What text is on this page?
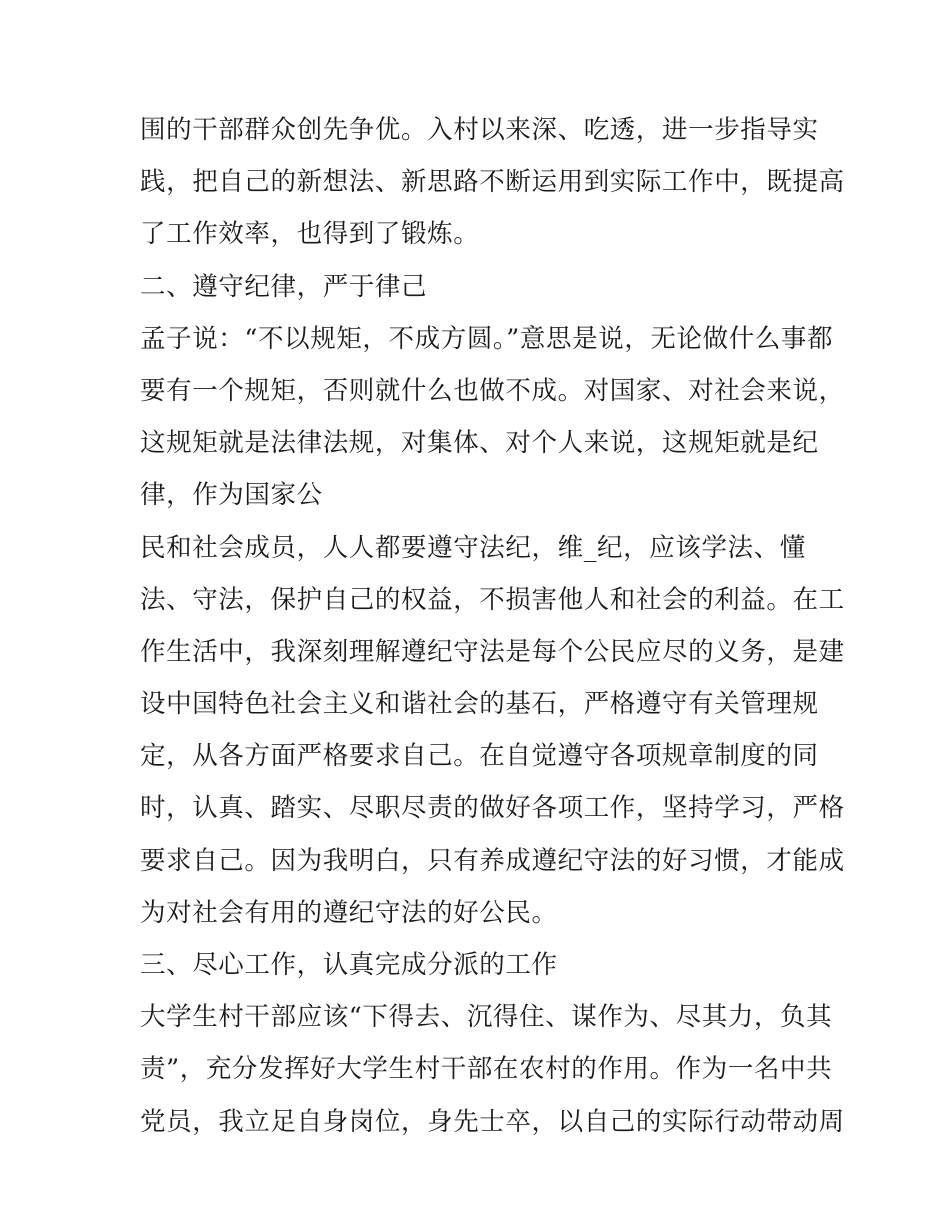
围的干部群众创先争优。入村以来深、吃透，进一步指导实
践，把自己的新想法、新思路不断运用到实际工作中，既提高
了工作效率，也得到了锻炼。
二、遵守纪律，严于律己
孟子说：“不以规矩，不成方圆。”意思是说，无论做什么事都
要有一个规矩，否则就什么也做不成。对国家、对社会来说，
这规矩就是法律法规，对集体、对个人来说，这规矩就是纪
律，作为国家公
民和社会成员，人人都要遵守法纪，维_纪，应该学法、懂
法、守法，保护自己的权益，不损害他人和社会的利益。在工
作生活中，我深刻理解遵纪守法是每个公民应尽的义务，是建
设中国特色社会主义和谐社会的基石，严格遵守有关管理规
定，从各方面严格要求自己。在自觉遵守各项规章制度的同
时，认真、踏实、尽职尽责的做好各项工作，坚持学习，严格
要求自己。因为我明白，只有养成遵纪守法的好习惯，才能成
为对社会有用的遵纪守法的好公民。
三、尽心工作，认真完成分派的工作
大学生村干部应该“下得去、沉得住、谋作为、尽其力，负其
责”，充分发挥好大学生村干部在农村的作用。作为一名中共
党员，我立足自身岗位，身先士卒，以自己的实际行动带动周
